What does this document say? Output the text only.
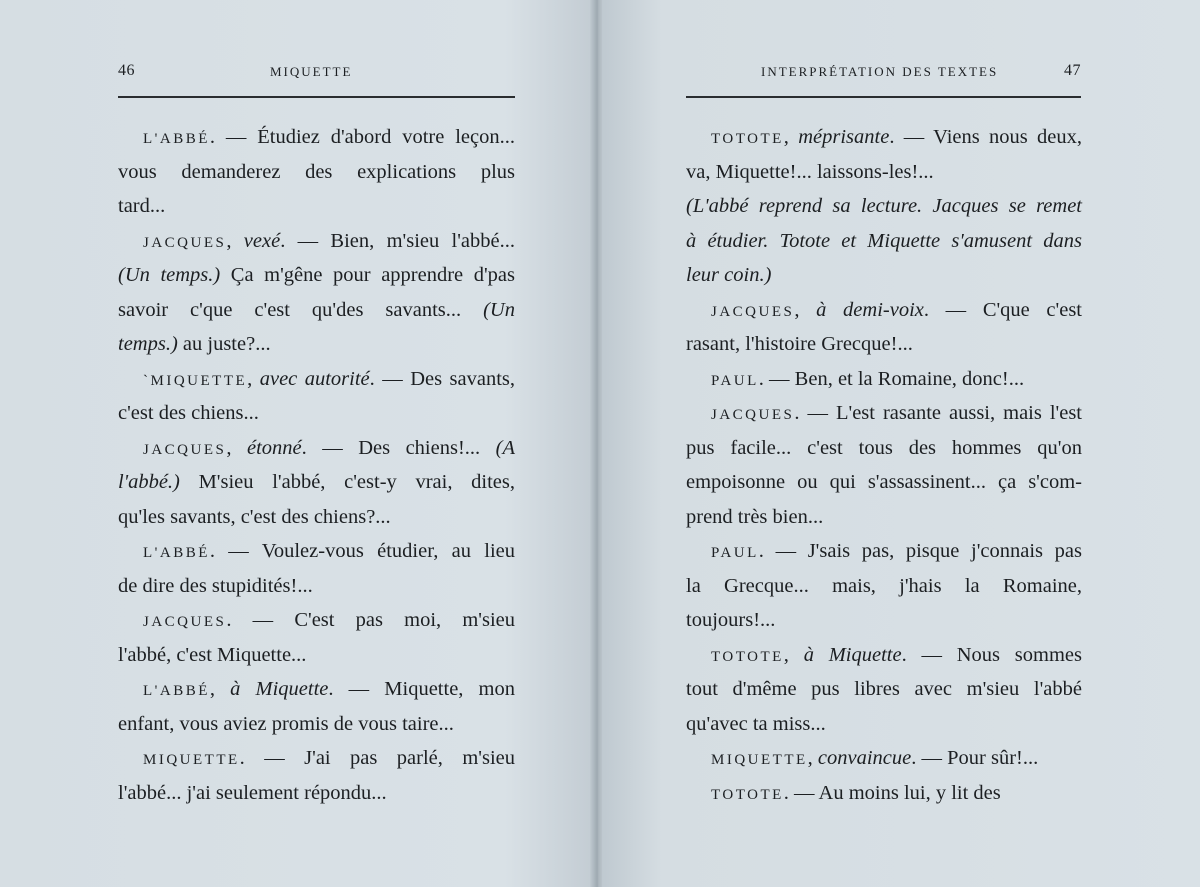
46	MIQUETTE
L'ABBÉ. — Étudiez d'abord votre leçon...
vous demanderez des explications plus
tard...
JACQUES, vexé. — Bien, m'sieu l'abbé...
(Un temps.) Ça m'gêne pour apprendre d'pas
savoir c'que c'est qu'des savants... (Un
temps.) au juste?...
`MIQUETTE, avec autorité. — Des savants,
c'est des chiens...
JACQUES, étonné. — Des chiens!... (A
l'abbé.) M'sieu l'abbé, c'est-y vrai, dites,
qu'les savants, c'est des chiens?...
L'ABBÉ. — Voulez-vous étudier, au lieu
de dire des stupidités!...
JACQUES. — C'est pas moi, m'sieu
l'abbé, c'est Miquette...
L'ABBÉ, à Miquette. — Miquette, mon
enfant, vous aviez promis de vous taire...
MIQUETTE. — J'ai pas parlé, m'sieu
l'abbé... j'ai seulement répondu...
INTERPRÉTATION DES TEXTES	47
TOTOTE, méprisante. — Viens nous deux,
va, Miquette!... laissons-les!...
(L'abbé reprend sa lecture. Jacques se remet
à étudier. Totote et Miquette s'amusent dans
leur coin.)
JACQUES, à demi-voix. — C'que c'est
rasant, l'histoire Grecque!...
PAUL. — Ben, et la Romaine, donc!...
JACQUES. — L'est rasante aussi, mais l'est
pus facile... c'est tous des hommes qu'on
empoisonne ou qui s'assassinent... ça s'com-
prend très bien...
PAUL. — J'sais pas, pisque j'connais pas
la Grecque... mais, j'hais la Romaine,
toujours!...
TOTOTE, à Miquette. — Nous sommes
tout d'même pus libres avec m'sieu l'abbé
qu'avec ta miss...
MIQUETTE, convaincue. — Pour sûr!...
TOTOTE. — Au moins lui, y lit des
